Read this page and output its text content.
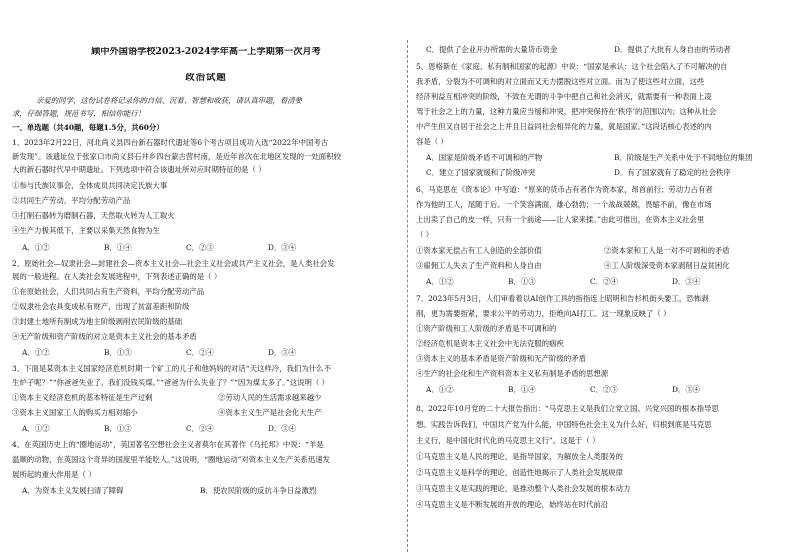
顾中外国语学校2023-2024学年高一上学期第一次月考
政治试题
亲爱的同学，这份试卷将记录你的自信、沉着、智慧和收获，请认真审题，看清要
求，仔细答题，规范书写，相信你能行！
一、单选题（共40题，每题1.5分，共60分）
1、2023年2月22日，河北尚义县四台新石器时代遗址等6个考古项目成功入选“2022年中国考古
新发现”。该遗址位于张家口市尚义县石井乡四台蒙古营村南，是近年首次在北地区发现的一处面积较
大的新石器时代早中期遗址。下列选项中符合该遗址所对应时期特征的是（ ）
①参与氏族议事会，全体成员共同决定氏族大事
②共同生产劳动、平均分配劳动产品
③打制石器转为磨制石器，天然取火转为人工取火
④生产力极其低下，主要以采集天然食物为生
A．①②	B．①④	C．②③	D．③④
2、原始社会—奴隶社会—封建社会—资本主义社会—社会主义社会或共产主义社会，是人类社会发
展的一般进程。在人类社会发展进程中，下列表述正确的是（ ）
①在原始社会，人们共同占有生产资料，平均分配劳动产品
②奴隶社会农具变成私有财产，出现了贫富差距和阶级
③封建土地所有制成为地主阶级剥削农民阶级的基础
④无产阶级和资产阶级的对立是资本主义社会的基本矛盾
A．①②	B．①③	C．②④	D．③④
3、下面是某资本主义国家经济危机时期一个矿工的儿子和他妈妈的对话“天这样冷，我们为什么不
生炉子呢？”“你爸爸失业了，我们没钱买煤。”“爸爸为什么失业了？”“因为煤太多了。”这说明（ ）
①资本主义经济危机的基本特征是生产过剩	②劳动人民的生活需求越来越少
③资本主义国家工人的购买力相对缩小	④资本主义生产是社会化大生产
A．①②	B．①③	C．②④	D．③④
4、在英国历史上的“圈地运动”，英国著名空想社会主义者莫尔在其著作《乌托邦》中说：“羊是
温顺的动物，在英国这个奇异的国度里羊能吃人。”这说明，“圈地运动”对资本主义生产关系迅速发
展所起的重大作用是（ ）
A．为资本主义发展扫清了障碍	B．使农民阶级的反抗斗争日益激烈
C．提供了企业开办所需的大量货币资金	D．提供了大批有人身自由的劳动者
5、恩格斯在《家庭、私有制和国家的起源》中说：“国家是承认：这个社会陷入了不可解决的自
我矛盾，分裂为不可调和的对立面而又无力摆脱这些对立面。而为了使这些对立面，这些
经济利益互相冲突的阶级，不致在无谓的斗争中把自己和社会消灭，就需要有一种表面上凌
驾于社会之上的力量，这种力量应当缓和冲突，把冲突保持在‘秩序’的范围以内；这种从社会
中产生但又自居于社会之上并且日益同社会相异化的力量，就是国家。”这段话核心表述的内
容是（ ）
A．国家是阶级矛盾不可调和的产物	B．阶级是生产关系中处于不同地位的集团
C．建立了国家就缓和了阶级冲突	D．有了国家就有了稳定的社会秩序
6、马克思在《资本论》中写道：“原来的货币占有者作为资本家，昂首前行；劳动力占有者
作为他的工人，尾随于后。一个笑容满面，雄心勃勃；一个战战兢兢，畏缩不前，像在市场
上出卖了自己的皮一样，只有一个前途——让人家来揉。”由此可推出，在资本主义社会里
（ ）
①资本家无偿占有工人创造的全部价值	②资本家和工人是一对不可调和的矛盾
③雇佣工人失去了生产资料和人身自由	④工人阶级深受资本家剥削日益贫困化
A．①②	B．①③	C．②④	D．③④
7、2023年5月3日，人们审看着以AI创作工具的指指连上昭明和告杉机街头要工，恐怖剥
削，更为需要指紧，要求公平的劳动力，拒绝向AI打工。这一现象反映了（ ）
①资产阶级和工人阶级的矛盾是不可调和的
②经济危机是资本主义社会中无法克服的痼疾
③资本主义的基本矛盾是资产阶级和无产阶级的矛盾
④生产的社会化和生产资料资本主义私有制是矛盾的思想源
A．①②	B．①④	C．②③	D．③④
8、2022年10月党的二十大报告指出：“马克思主义是我们立党立国、兴党兴国的根本指导思
想。实践告诉我们，中国共产党为什么能，中国特色社会主义为什么好，归根到底是马克思
主义行，是中国化时代化的马克思主义行”。这是于（ ）
①马克思主义是人民的理论，是指导国家，为解放全人类服务的
②马克思主义是科学的理论，创造性地揭示了人类社会发展规律
③马克思主义是实践的理论，是推动整个人类社会发展的根本动力
④马克思主义是不断发展的开放的理论，始终站在时代前沿
